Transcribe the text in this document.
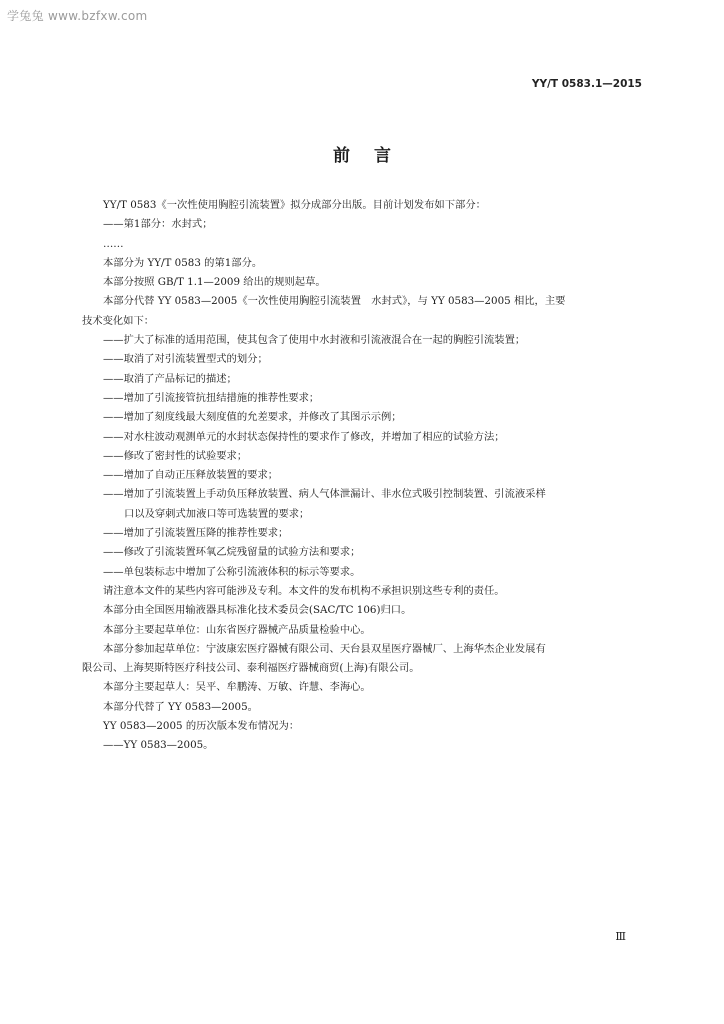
学兔兔 www.bzfxw.com
YY/T 0583.1—2015
前言

YY/T 0583《一次性使用胸腔引流装置》拟分成部分出版。目前计划发布如下部分：

——第1部分：水封式；

……

本部分为 YY/T 0583 的第1部分。

本部分按照 GB/T 1.1—2009 给出的规则起草。

本部分代替 YY 0583—2005《一次性使用胸腔引流装置　水封式》，与 YY 0583—2005 相比，主要

技术变化如下：

——扩大了标准的适用范围，使其包含了使用中水封液和引流液混合在一起的胸腔引流装置；

——取消了对引流装置型式的划分；

——取消了产品标记的描述；

——增加了引流接管抗扭结措施的推荐性要求；

——增加了刻度线最大刻度值的允差要求，并修改了其图示示例；

——对水柱波动观测单元的水封状态保持性的要求作了修改，并增加了相应的试验方法；

——修改了密封性的试验要求；

——增加了自动正压释放装置的要求；

——增加了引流装置上手动负压释放装置、病人气体泄漏计、非水位式吸引控制装置、引流液采样

口以及穿刺式加液口等可选装置的要求；

——增加了引流装置压降的推荐性要求；

——修改了引流装置环氧乙烷残留量的试验方法和要求；

——单包装标志中增加了公称引流液体积的标示等要求。

请注意本文件的某些内容可能涉及专利。本文件的发布机构不承担识别这些专利的责任。

本部分由全国医用输液器具标准化技术委员会(SAC/TC 106)归口。

本部分主要起草单位：山东省医疗器械产品质量检验中心。

本部分参加起草单位：宁波康宏医疗器械有限公司、天台县双星医疗器械厂、上海华杰企业发展有

限公司、上海契斯特医疗科技公司、泰利福医疗器械商贸(上海)有限公司。

本部分主要起草人：吴平、牟鹏涛、万敏、许慧、李海心。

本部分代替了 YY 0583—2005。

YY 0583—2005 的历次版本发布情况为：

——YY 0583—2005。

Ⅲ
